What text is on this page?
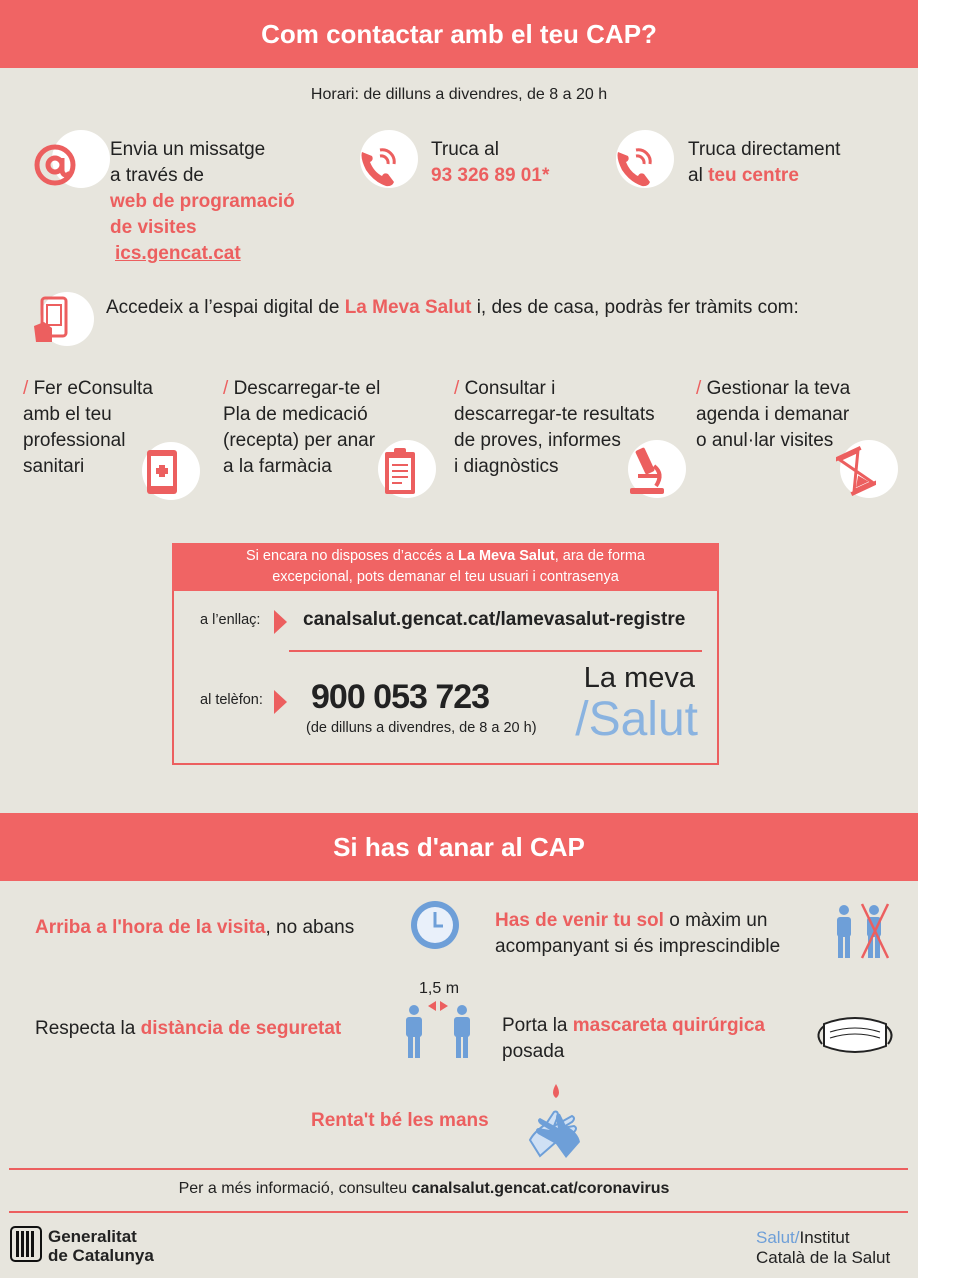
Com contactar amb el teu CAP?
Horari: de dilluns a divendres, de 8 a 20 h
Envia un missatge
a través de
web de programació
de visites
ics.gencat.cat
Truca al
93 326 89 01*
Truca directament
al teu centre
Accedeix a l’espai digital de La Meva Salut i, des de casa, podràs fer tràmits com:
/ Fer eConsulta
amb el teu
professional
sanitari
/ Descarregar-te el
Pla de medicació
(recepta) per anar
a la farmàcia
/ Consultar i
descarregar-te resultats
de proves, informes
i diagnòstics
/ Gestionar la teva
agenda i demanar
o anul·lar visites
Si encara no disposes d’accés a La Meva Salut, ara de forma
excepcional, pots demanar el teu usuari i contrasenya
a l’enllaç: canalsalut.gencat.cat/lamevasalut-registre
al telèfon: 900 053 723
(de dilluns a divendres, de 8 a 20 h)
La meva
/Salut
Si has d'anar al CAP
Arriba a l'hora de la visita, no abans	Has de venir tu sol o màxim un
acompanyant si és imprescindible
Respecta la distància de seguretat
1,5 m
Porta la mascareta quirúrgica
posada
Renta't bé les mans
Per a més informació, consulteu canalsalut.gencat.cat/coronavirus
Generalitat
de Catalunya
Salut/Institut
Català de la Salut
